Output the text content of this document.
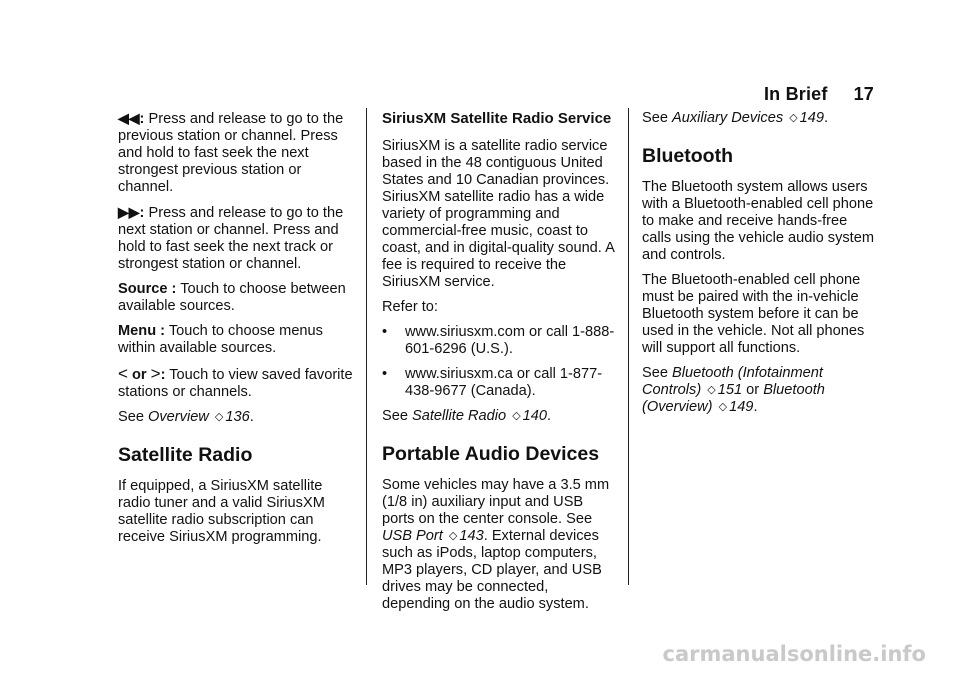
In Brief 17

◀◀: Press and release to go to the previous station or channel. Press and hold to fast seek the next strongest previous station or channel.

▶▶: Press and release to go to the next station or channel. Press and hold to fast seek the next track or strongest station or channel.

Source : Touch to choose between available sources.

Menu : Touch to choose menus within available sources.

< or >: Touch to view saved favorite stations or channels.

See Overview ◇ 136.

Satellite Radio

If equipped, a SiriusXM satellite radio tuner and a valid SiriusXM satellite radio subscription can receive SiriusXM programming.

SiriusXM Satellite Radio Service

SiriusXM is a satellite radio service based in the 48 contiguous United States and 10 Canadian provinces. SiriusXM satellite radio has a wide variety of programming and commercial-free music, coast to coast, and in digital-quality sound. A fee is required to receive the SiriusXM service.

Refer to:

• www.siriusxm.com or call 1-888-601-6296 (U.S.).
• www.siriusxm.ca or call 1-877-438-9677 (Canada).

See Satellite Radio ◇ 140.

Portable Audio Devices

Some vehicles may have a 3.5 mm (1/8 in) auxiliary input and USB ports on the center console. See USB Port ◇ 143. External devices such as iPods, laptop computers, MP3 players, CD player, and USB drives may be connected, depending on the audio system.

See Auxiliary Devices ◇ 149.

Bluetooth

The Bluetooth system allows users with a Bluetooth-enabled cell phone to make and receive hands-free calls using the vehicle audio system and controls.

The Bluetooth-enabled cell phone must be paired with the in-vehicle Bluetooth system before it can be used in the vehicle. Not all phones will support all functions.

See Bluetooth (Infotainment Controls) ◇ 151 or Bluetooth (Overview) ◇ 149.

carmanualsonline.info
